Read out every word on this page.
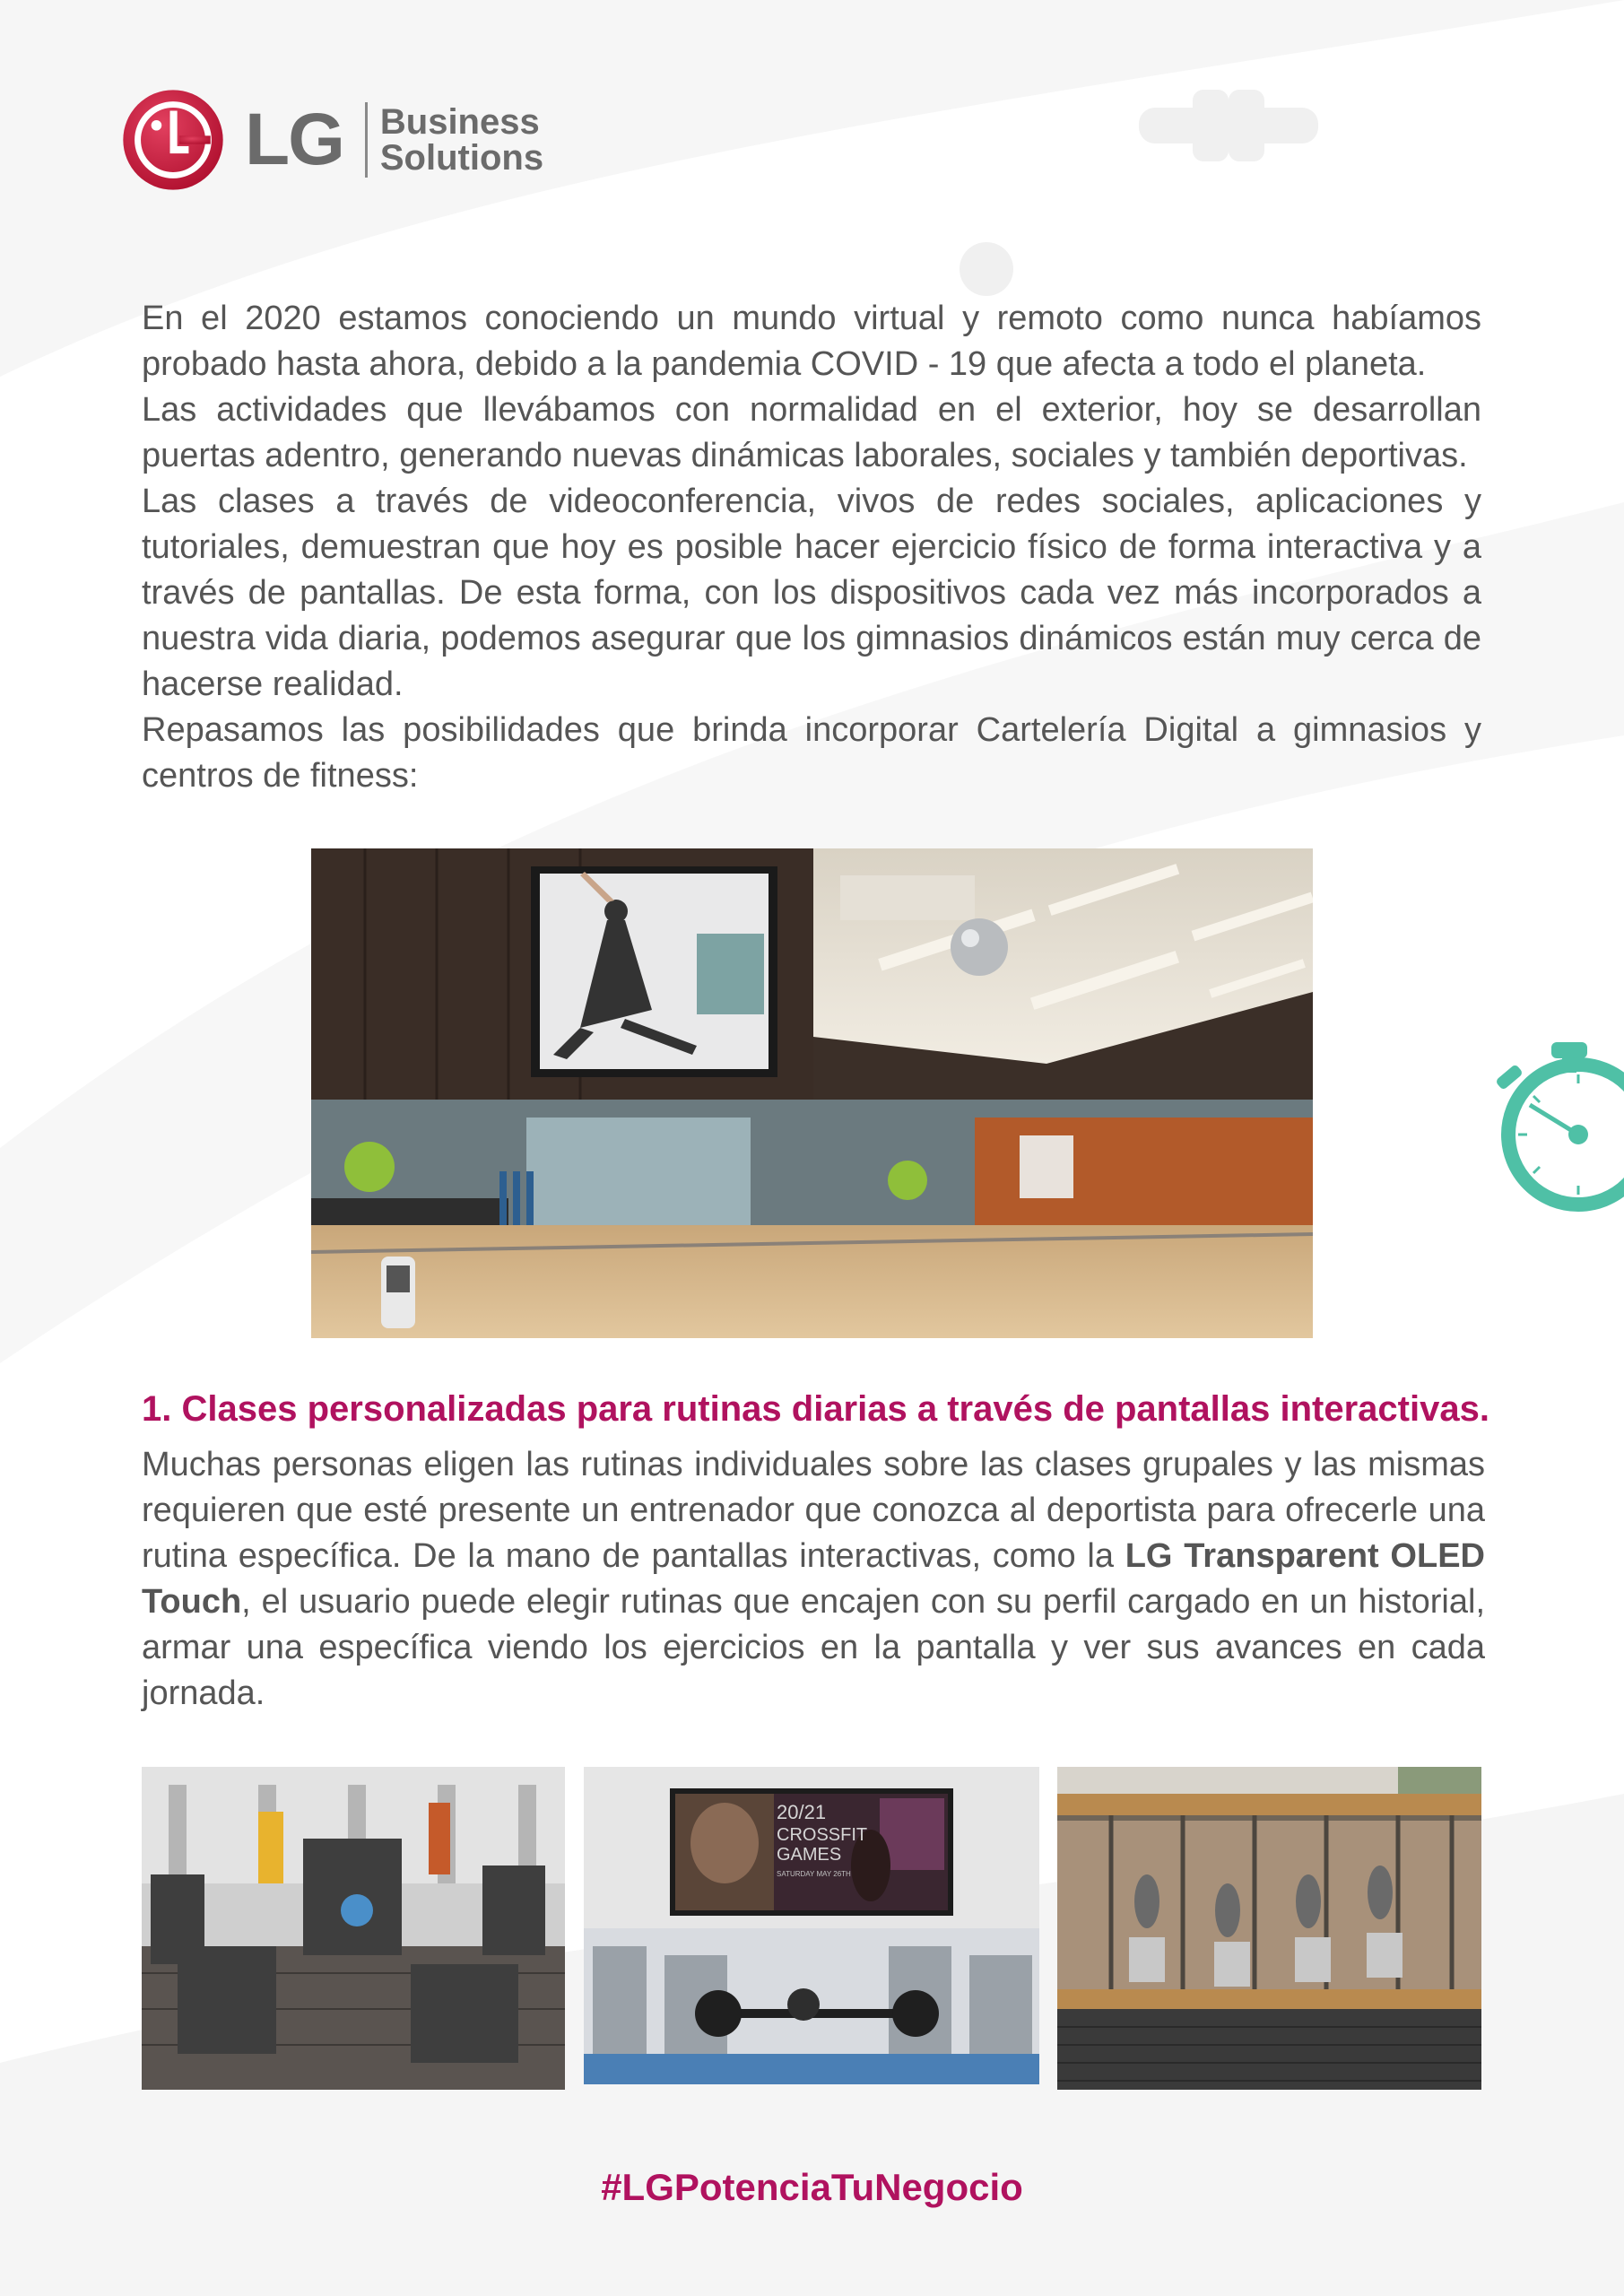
LG Business
Solutions

En el 2020 estamos conociendo un mundo virtual y remoto como nunca habíamos probado hasta ahora, debido a la pandemia COVID - 19 que afecta a todo el planeta.

Las actividades que llevábamos con normalidad en el exterior, hoy se desarrollan puertas adentro, generando nuevas dinámicas laborales, sociales y también deportivas.

Las clases a través de videoconferencia, vivos de redes sociales, aplicaciones y tutoriales, demuestran que hoy es posible hacer ejercicio físico de forma interactiva y a través de pantallas. De esta forma, con los dispositivos cada vez más incorporados a nuestra vida diaria, podemos asegurar que los gimnasios dinámicos están muy cerca de hacerse realidad.

Repasamos las posibilidades que brinda incorporar Cartelería Digital a gimnasios y centros de fitness:

1. Clases personalizadas para rutinas diarias a través de pantallas interactivas.

Muchas personas eligen las rutinas individuales sobre las clases grupales y las mismas requieren que esté presente un entrenador que conozca al deportista para ofrecerle una rutina específica. De la mano de pantallas interactivas, como la LG Transparent OLED Touch, el usuario puede elegir rutinas que encajen con su perfil cargado en un historial, armar una específica viendo los ejercicios en la pantalla y ver sus avances en cada jornada.

20/21
CROSSFIT
GAMES
SATURDAY MAY 26TH
#LGPotenciaTuNegocio
